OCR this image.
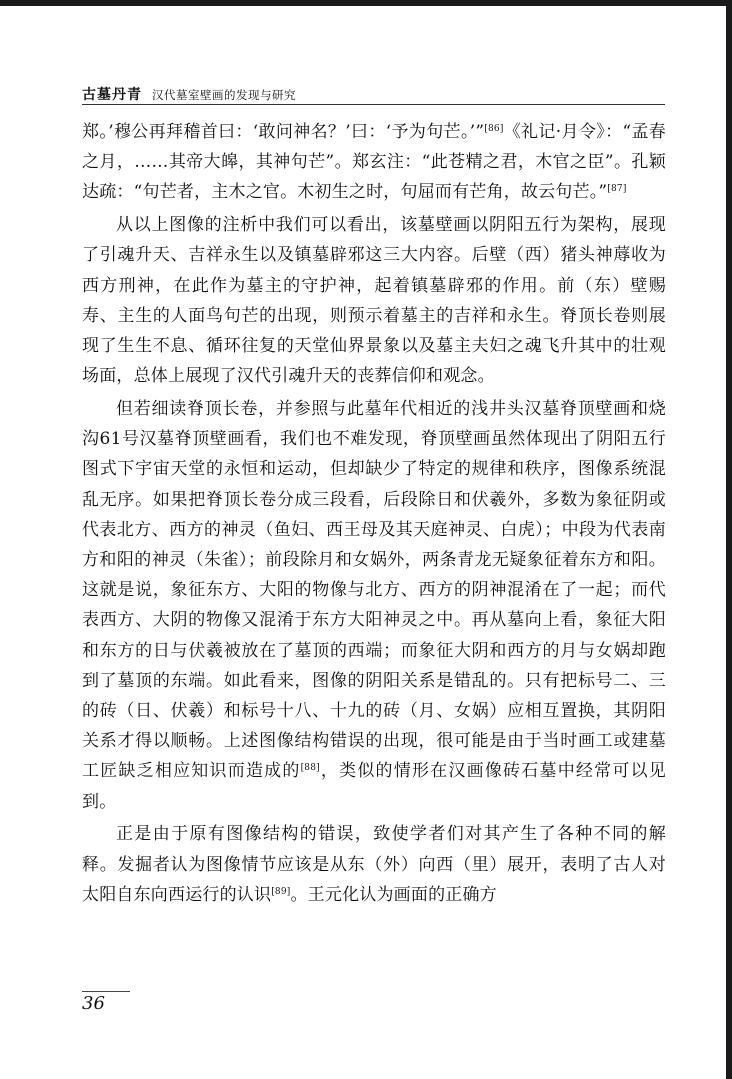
古墓丹青 汉代墓室壁画的发现与研究

郑。’穆公再拜稽首曰：‘敢问神名？’曰：‘予为句芒。’”[86]《礼记·月令》：“孟春之月，……其帝大皞，其神句芒”。郑玄注：“此苍精之君，木官之臣”。孔颖达疏：“句芒者，主木之官。木初生之时，句屈而有芒角，故云句芒。”[87]

从以上图像的注析中我们可以看出，该墓壁画以阴阳五行为架构，展现了引魂升天、吉祥永生以及镇墓辟邪这三大内容。后壁（西）猪头神蓐收为西方刑神，在此作为墓主的守护神，起着镇墓辟邪的作用。前（东）壁赐寿、主生的人面鸟句芒的出现，则预示着墓主的吉祥和永生。脊顶长卷则展现了生生不息、循环往复的天堂仙界景象以及墓主夫妇之魂飞升其中的壮观场面，总体上展现了汉代引魂升天的丧葬信仰和观念。

但若细读脊顶长卷，并参照与此墓年代相近的浅井头汉墓脊顶壁画和烧沟61号汉墓脊顶壁画看，我们也不难发现，脊顶壁画虽然体现出了阴阳五行图式下宇宙天堂的永恒和运动，但却缺少了特定的规律和秩序，图像系统混乱无序。如果把脊顶长卷分成三段看，后段除日和伏羲外，多数为象征阴或代表北方、西方的神灵（鱼妇、西王母及其天庭神灵、白虎）；中段为代表南方和阳的神灵（朱雀）；前段除月和女娲外，两条青龙无疑象征着东方和阳。这就是说，象征东方、大阳的物像与北方、西方的阴神混淆在了一起；而代表西方、大阴的物像又混淆于东方大阳神灵之中。再从墓向上看，象征大阳和东方的日与伏羲被放在了墓顶的西端；而象征大阴和西方的月与女娲却跑到了墓顶的东端。如此看来，图像的阴阳关系是错乱的。只有把标号二、三的砖（日、伏羲）和标号十八、十九的砖（月、女娲）应相互置换，其阴阳关系才得以顺畅。上述图像结构错误的出现，很可能是由于当时画工或建墓工匠缺乏相应知识而造成的[88]，类似的情形在汉画像砖石墓中经常可以见到。

正是由于原有图像结构的错误，致使学者们对其产生了各种不同的解释。发掘者认为图像情节应该是从东（外）向西（里）展开，表明了古人对太阳自东向西运行的认识[89]。王元化认为画面的正确方

36
